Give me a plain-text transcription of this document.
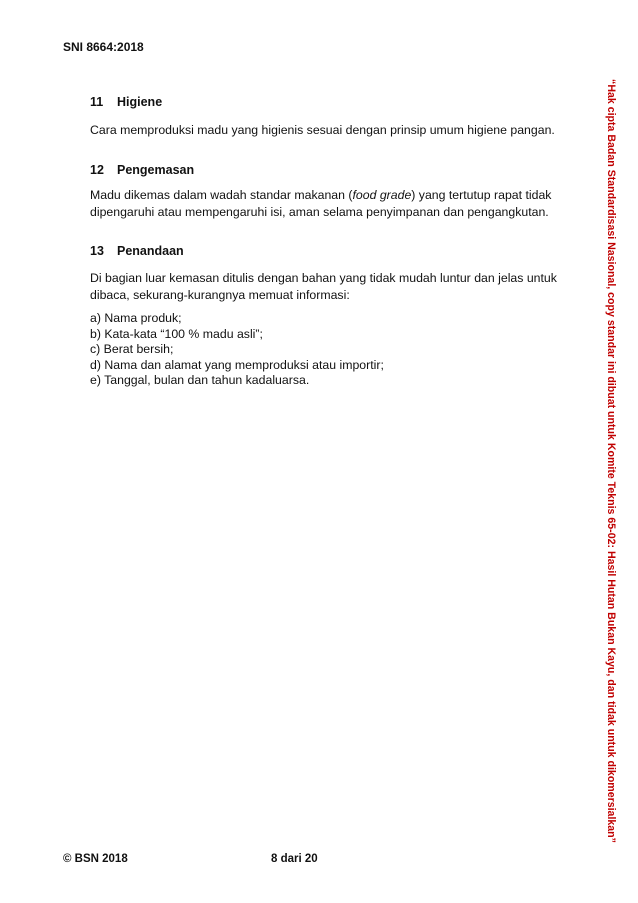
SNI 8664:2018
11 Higiene
Cara memproduksi madu yang higienis sesuai dengan prinsip umum higiene pangan.
12 Pengemasan
Madu dikemas dalam wadah standar makanan (food grade) yang tertutup rapat tidak dipengaruhi atau mempengaruhi isi, aman selama penyimpanan dan pengangkutan.
13 Penandaan
Di bagian luar kemasan ditulis dengan bahan yang tidak mudah luntur dan jelas untuk dibaca, sekurang-kurangnya memuat informasi:
a) Nama produk;
b) Kata-kata “100 % madu asli”;
c) Berat bersih;
d) Nama dan alamat yang memproduksi atau importir;
e) Tanggal, bulan dan tahun kadaluarsa.	“Hak cipta Badan Standardisasi Nasional, copy standar ini dibuat untuk Komite Teknis 65-02: Hasil Hutan Bukan Kayu, dan tidak untuk dikomersialkan”
© BSN 2018	8 dari 20
